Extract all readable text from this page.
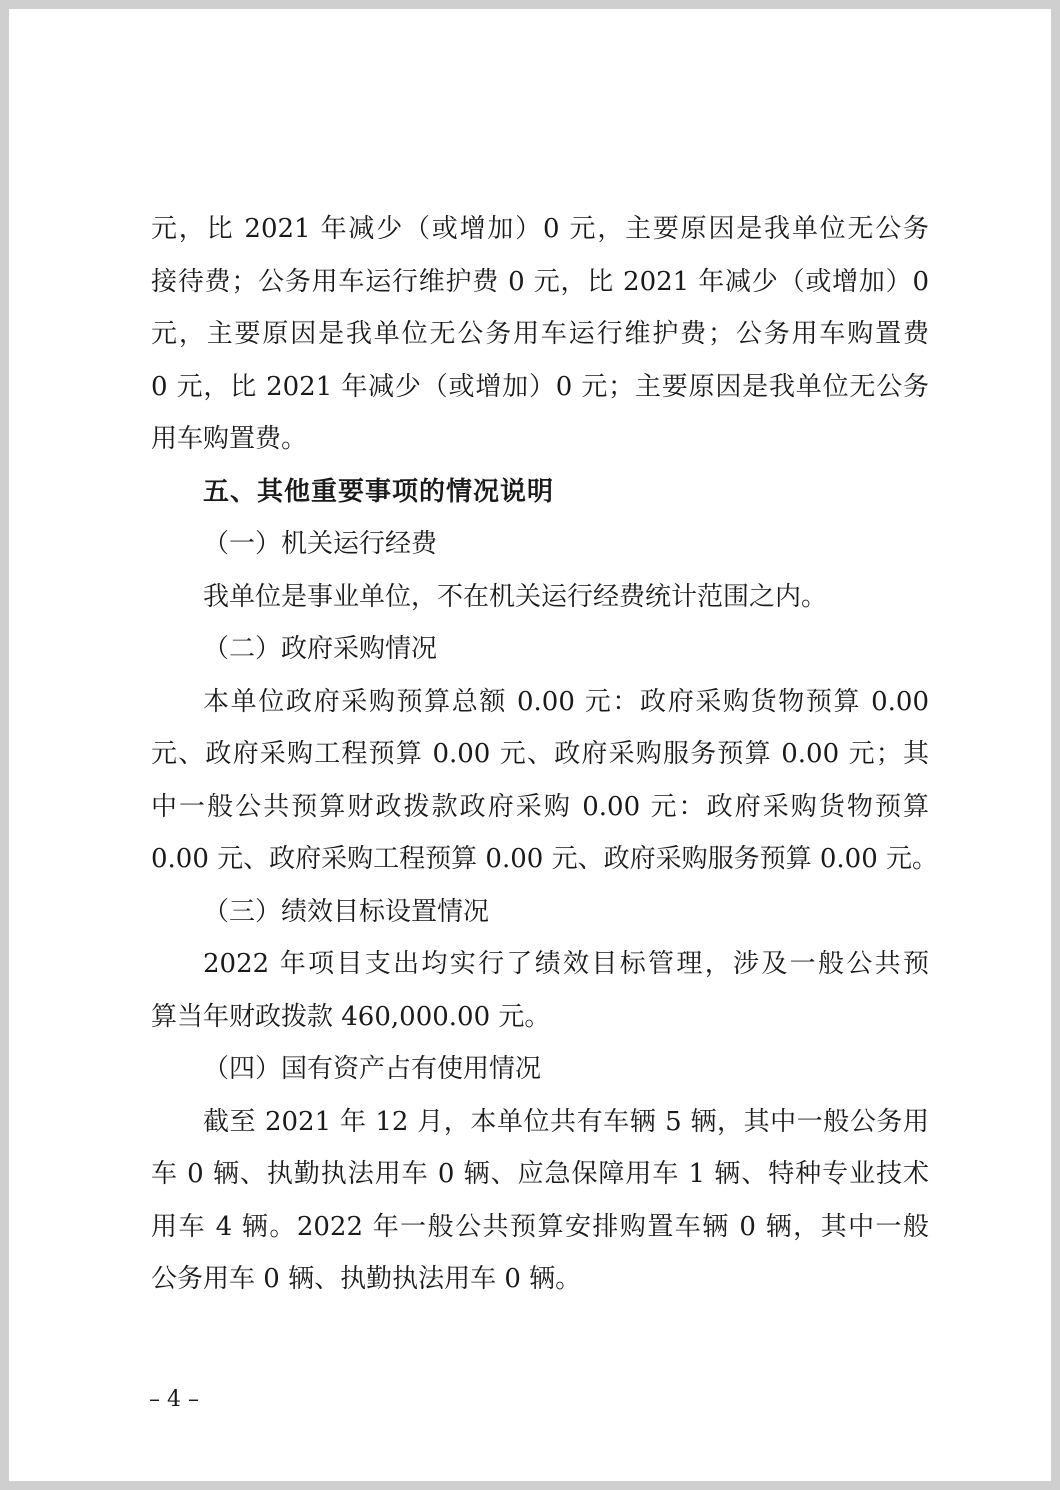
元，比 2021 年减少（或增加）0 元，主要原因是我单位无公务
接待费；公务用车运行维护费 0 元，比 2021 年减少（或增加）0
元，主要原因是我单位无公务用车运行维护费；公务用车购置费
0 元，比 2021 年减少（或增加）0 元；主要原因是我单位无公务
用车购置费。
五、其他重要事项的情况说明
（一）机关运行经费
我单位是事业单位，不在机关运行经费统计范围之内。
（二）政府采购情况
本单位政府采购预算总额 0.00 元：政府采购货物预算 0.00
元、政府采购工程预算 0.00 元、政府采购服务预算 0.00 元；其
中一般公共预算财政拨款政府采购 0.00 元：政府采购货物预算
0.00 元、政府采购工程预算 0.00 元、政府采购服务预算 0.00 元。
（三）绩效目标设置情况
2022 年项目支出均实行了绩效目标管理，涉及一般公共预
算当年财政拨款 460,000.00 元。
（四）国有资产占有使用情况
截至 2021 年 12 月，本单位共有车辆 5 辆，其中一般公务用
车 0 辆、执勤执法用车 0 辆、应急保障用车 1 辆、特种专业技术
用车 4 辆。2022 年一般公共预算安排购置车辆 0 辆，其中一般
公务用车 0 辆、执勤执法用车 0 辆。
– 4 –
